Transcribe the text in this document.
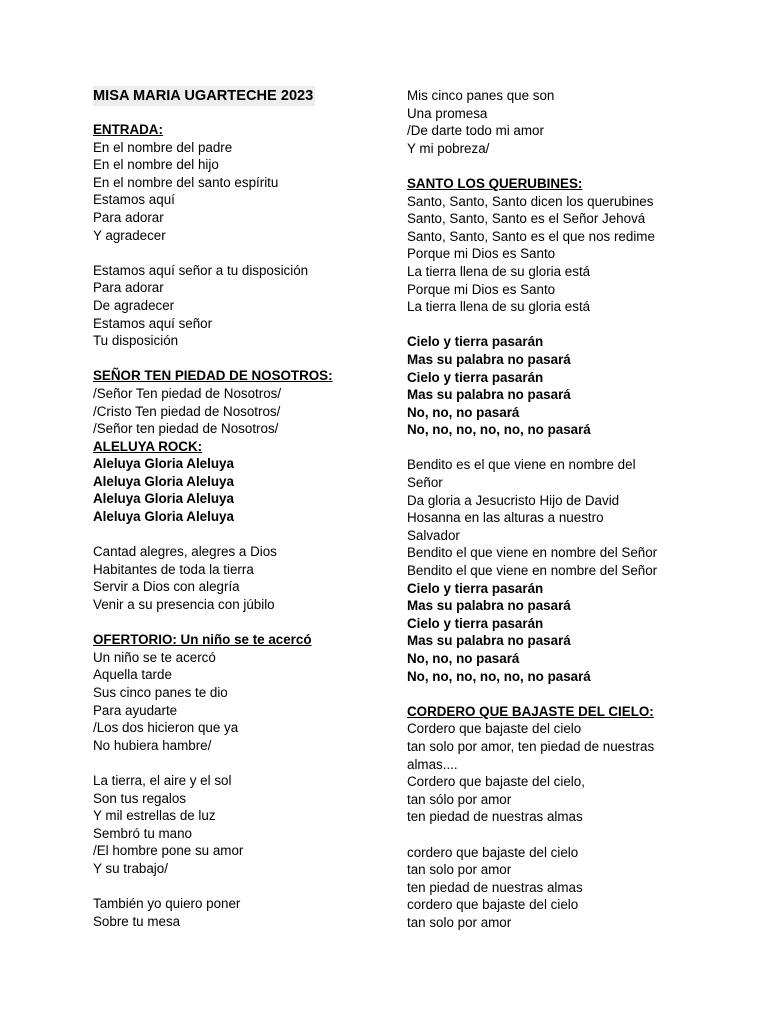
MISA MARIA UGARTECHE 2023
ENTRADA:
En el nombre del padre
En el nombre del hijo
En el nombre del santo espíritu
Estamos aquí
Para adorar
Y agradecer
Estamos aquí señor a tu disposición
Para adorar
De agradecer
Estamos aquí señor
Tu disposición
SEÑOR TEN PIEDAD DE NOSOTROS:
/Señor Ten piedad de Nosotros/
/Cristo Ten piedad de Nosotros/
/Señor ten piedad de Nosotros/
ALELUYA ROCK:
Aleluya Gloria Aleluya
Aleluya Gloria Aleluya
Aleluya Gloria Aleluya
Aleluya Gloria Aleluya
Cantad alegres, alegres a Dios
Habitantes de toda la tierra
Servir a Dios con alegría
Venir a su presencia con júbilo
OFERTORIO: Un niño se te acercó
Un niño se te acercó
Aquella tarde
Sus cinco panes te dio
Para ayudarte
/Los dos hicieron que ya
No hubiera hambre/
La tierra, el aire y el sol
Son tus regalos
Y mil estrellas de luz
Sembró tu mano
/El hombre pone su amor
Y su trabajo/
También yo quiero poner
Sobre tu mesa
Mis cinco panes que son
Una promesa
/De darte todo mi amor
Y mi pobreza/
SANTO LOS QUERUBINES:
Santo, Santo, Santo dicen los querubines
Santo, Santo, Santo es el Señor Jehová
Santo, Santo, Santo es el que nos redime
Porque mi Dios es Santo
La tierra llena de su gloria está
Porque mi Dios es Santo
La tierra llena de su gloria está
Cielo y tierra pasarán
Mas su palabra no pasará
Cielo y tierra pasarán
Mas su palabra no pasará
No, no, no pasará
No, no, no, no, no, no pasará
Bendito es el que viene en nombre del
Señor
Da gloria a Jesucristo Hijo de David
Hosanna en las alturas a nuestro
Salvador
Bendito el que viene en nombre del Señor
Bendito el que viene en nombre del Señor
Cielo y tierra pasarán
Mas su palabra no pasará
Cielo y tierra pasarán
Mas su palabra no pasará
No, no, no pasará
No, no, no, no, no, no pasará
CORDERO QUE BAJASTE DEL CIELO:
Cordero que bajaste del cielo
tan solo por amor, ten piedad de nuestras
almas....
Cordero que bajaste del cielo,
tan sólo por amor
ten piedad de nuestras almas
cordero que bajaste del cielo
tan solo por amor
ten piedad de nuestras almas
cordero que bajaste del cielo
tan solo por amor
